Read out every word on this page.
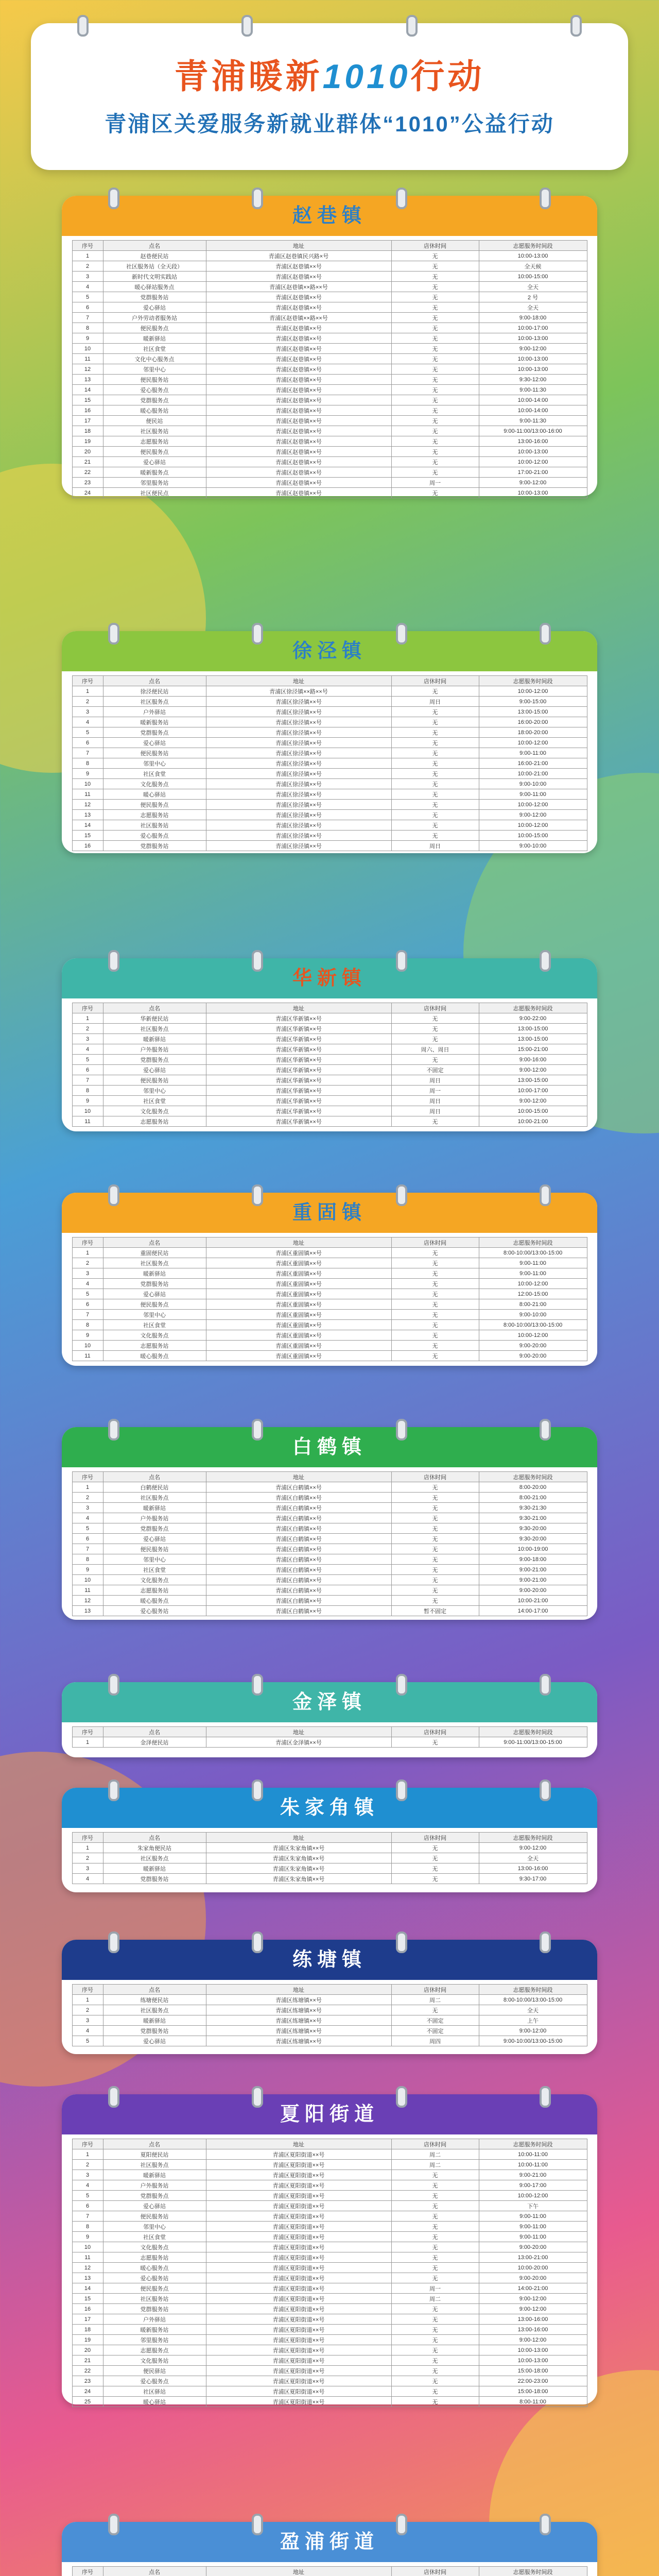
青浦暖新1010行动
青浦区关爱服务新就业群体“1010”公益行动
赵巷镇
序号	点名	地址	店休时间	志愿服务时间段
1	赵巷便民站	青浦区赵巷镇民兴路×号	无	10:00-13:00
2	社区服务站（全天段）	青浦区赵巷镇××号	无	全天候
3	新时代文明实践站	青浦区赵巷镇××号	无	10:00-15:00
4	暖心驿站服务点	青浦区赵巷镇××路××号	无	全天
5	党群服务站	青浦区赵巷镇××号	无	2 号
6	爱心驿站	青浦区赵巷镇××号	无	全天
7	户外劳动者服务站	青浦区赵巷镇××路××号	无	9:00-18:00
8	便民服务点	青浦区赵巷镇××号	无	10:00-17:00
9	暖新驿站	青浦区赵巷镇××号	无	10:00-13:00
10	社区食堂	青浦区赵巷镇××号	无	9:00-12:00
11	文化中心服务点	青浦区赵巷镇××号	无	10:00-13:00
12	邻里中心	青浦区赵巷镇××号	无	10:00-13:00
13	便民服务站	青浦区赵巷镇××号	无	9:30-12:00
14	爱心服务点	青浦区赵巷镇××号	无	9:00-11:30
15	党群服务点	青浦区赵巷镇××号	无	10:00-14:00
16	暖心服务站	青浦区赵巷镇××号	无	10:00-14:00
17	便民站	青浦区赵巷镇××号	无	9:00-11:30
18	社区服务站	青浦区赵巷镇××号	无	9:00-11:00/13:00-16:00
19	志愿服务站	青浦区赵巷镇××号	无	13:00-16:00
20	便民服务点	青浦区赵巷镇××号	无	10:00-13:00
21	爱心驿站	青浦区赵巷镇××号	无	10:00-12:00
22	暖新服务点	青浦区赵巷镇××号	无	17:00-21:00
23	邻里服务站	青浦区赵巷镇××号	周一	9:00-12:00
24	社区便民点	青浦区赵巷镇××号	无	10:00-13:00
徐泾镇
序号	点名	地址	店休时间	志愿服务时间段
1	徐泾便民站	青浦区徐泾镇××路××号	无	10:00-12:00
2	社区服务点	青浦区徐泾镇××号	周日	9:00-15:00
3	户外驿站	青浦区徐泾镇××号	无	13:00-15:00
4	暖新服务站	青浦区徐泾镇××号	无	16:00-20:00
5	党群服务点	青浦区徐泾镇××号	无	18:00-20:00
6	爱心驿站	青浦区徐泾镇××号	无	10:00-12:00
7	便民服务站	青浦区徐泾镇××号	无	9:00-11:00
8	邻里中心	青浦区徐泾镇××号	无	16:00-21:00
9	社区食堂	青浦区徐泾镇××号	无	10:00-21:00
10	文化服务点	青浦区徐泾镇××号	无	9:00-10:00
11	暖心驿站	青浦区徐泾镇××号	无	9:00-11:00
12	便民服务点	青浦区徐泾镇××号	无	10:00-12:00
13	志愿服务站	青浦区徐泾镇××号	无	9:00-12:00
14	社区服务站	青浦区徐泾镇××号	无	10:00-12:00
15	爱心服务点	青浦区徐泾镇××号	无	10:00-15:00
16	党群服务站	青浦区徐泾镇××号	周日	9:00-10:00
华新镇
序号	点名	地址	店休时间	志愿服务时间段
1	华新便民站	青浦区华新镇××号	无	9:00-22:00
2	社区服务点	青浦区华新镇××号	无	13:00-15:00
3	暖新驿站	青浦区华新镇××号	无	13:00-15:00
4	户外服务站	青浦区华新镇××号	周六、周日	15:00-21:00
5	党群服务点	青浦区华新镇××号	无	9:00-16:00
6	爱心驿站	青浦区华新镇××号	不固定	9:00-12:00
7	便民服务站	青浦区华新镇××号	周日	13:00-15:00
8	邻里中心	青浦区华新镇××号	周一	10:00-17:00
9	社区食堂	青浦区华新镇××号	周日	9:00-12:00
10	文化服务点	青浦区华新镇××号	周日	10:00-15:00
11	志愿服务站	青浦区华新镇××号	无	10:00-21:00
重固镇
序号	点名	地址	店休时间	志愿服务时间段
1	重固便民站	青浦区重固镇××号	无	8:00-10:00/13:00-15:00
2	社区服务点	青浦区重固镇××号	无	9:00-11:00
3	暖新驿站	青浦区重固镇××号	无	9:00-11:00
4	党群服务站	青浦区重固镇××号	无	10:00-12:00
5	爱心驿站	青浦区重固镇××号	无	12:00-15:00
6	便民服务点	青浦区重固镇××号	无	8:00-21:00
7	邻里中心	青浦区重固镇××号	无	9:00-10:00
8	社区食堂	青浦区重固镇××号	无	8:00-10:00/13:00-15:00
9	文化服务点	青浦区重固镇××号	无	10:00-12:00
10	志愿服务站	青浦区重固镇××号	无	9:00-20:00
11	暖心服务点	青浦区重固镇××号	无	9:00-20:00
白鹤镇
序号	点名	地址	店休时间	志愿服务时间段
1	白鹤便民站	青浦区白鹤镇××号	无	8:00-20:00
2	社区服务点	青浦区白鹤镇××号	无	8:00-21:00
3	暖新驿站	青浦区白鹤镇××号	无	9:30-21:30
4	户外服务站	青浦区白鹤镇××号	无	9:30-21:00
5	党群服务点	青浦区白鹤镇××号	无	9:30-20:00
6	爱心驿站	青浦区白鹤镇××号	无	9:30-20:00
7	便民服务站	青浦区白鹤镇××号	无	10:00-19:00
8	邻里中心	青浦区白鹤镇××号	无	9:00-18:00
9	社区食堂	青浦区白鹤镇××号	无	9:00-21:00
10	文化服务点	青浦区白鹤镇××号	无	9:00-21:00
11	志愿服务站	青浦区白鹤镇××号	无	9:00-20:00
12	暖心服务点	青浦区白鹤镇××号	无	10:00-21:00
13	爱心服务站	青浦区白鹤镇××号	暂不固定	14:00-17:00
金泽镇
序号	点名	地址	店休时间	志愿服务时间段
1	金泽便民站	青浦区金泽镇××号	无	9:00-11:00/13:00-15:00
朱家角镇
序号	点名	地址	店休时间	志愿服务时间段
1	朱家角便民站	青浦区朱家角镇××号	无	9:00-12:00
2	社区服务点	青浦区朱家角镇××号	无	全天
3	暖新驿站	青浦区朱家角镇××号	无	13:00-16:00
4	党群服务站	青浦区朱家角镇××号	无	9:30-17:00
练塘镇
序号	点名	地址	店休时间	志愿服务时间段
1	练塘便民站	青浦区练塘镇××号	周二	8:00-10:00/13:00-15:00
2	社区服务点	青浦区练塘镇××号	无	全天
3	暖新驿站	青浦区练塘镇××号	不固定	上午
4	党群服务站	青浦区练塘镇××号	不固定	9:00-12:00
5	爱心驿站	青浦区练塘镇××号	周四	9:00-10:00/13:00-15:00
夏阳街道
序号	点名	地址	店休时间	志愿服务时间段
1	夏阳便民站	青浦区夏阳街道××号	周二	10:00-11:00
2	社区服务点	青浦区夏阳街道××号	周二	10:00-11:00
3	暖新驿站	青浦区夏阳街道××号	无	9:00-21:00
4	户外服务站	青浦区夏阳街道××号	无	9:00-17:00
5	党群服务点	青浦区夏阳街道××号	无	10:00-12:00
6	爱心驿站	青浦区夏阳街道××号	无	下午
7	便民服务站	青浦区夏阳街道××号	无	9:00-11:00
8	邻里中心	青浦区夏阳街道××号	无	9:00-11:00
9	社区食堂	青浦区夏阳街道××号	无	9:00-11:00
10	文化服务点	青浦区夏阳街道××号	无	9:00-20:00
11	志愿服务站	青浦区夏阳街道××号	无	13:00-21:00
12	暖心服务点	青浦区夏阳街道××号	无	10:00-20:00
13	爱心服务站	青浦区夏阳街道××号	无	9:00-20:00
14	便民服务点	青浦区夏阳街道××号	周一	14:00-21:00
15	社区服务站	青浦区夏阳街道××号	周二	9:00-12:00
16	党群服务站	青浦区夏阳街道××号	无	9:00-12:00
17	户外驿站	青浦区夏阳街道××号	无	13:00-16:00
18	暖新服务站	青浦区夏阳街道××号	无	13:00-16:00
19	邻里服务站	青浦区夏阳街道××号	无	9:00-12:00
20	志愿服务点	青浦区夏阳街道××号	无	10:00-13:00
21	文化服务站	青浦区夏阳街道××号	无	10:00-13:00
22	便民驿站	青浦区夏阳街道××号	无	15:00-18:00
23	爱心服务点	青浦区夏阳街道××号	无	22:00-23:00
24	社区驿站	青浦区夏阳街道××号	无	15:00-18:00
25	暖心驿站	青浦区夏阳街道××号	无	8:00-11:00
盈浦街道
序号	点名	地址	店休时间	志愿服务时间段
